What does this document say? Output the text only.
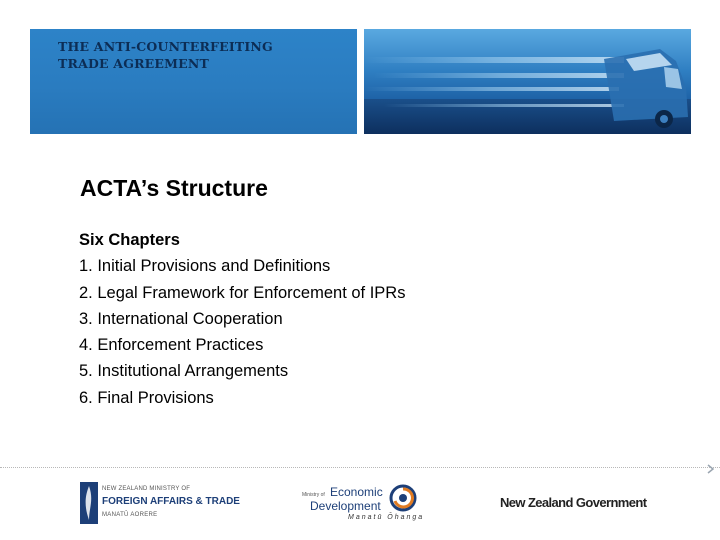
THE ANTI-COUNTERFEITING
TRADE AGREEMENT

ACTA’s Structure
Six Chapters
1. Initial Provisions and Definitions
2. Legal Framework for Enforcement of IPRs
3. International Cooperation
4. Enforcement Practices
5. Institutional Arrangements
6. Final Provisions
NEW ZEALAND MINISTRY OF
FOREIGN AFFAIRS & TRADE
MANATŪ AORERE
Ministry of Economic
Development
Manatū Ōhanga
New Zealand Government
